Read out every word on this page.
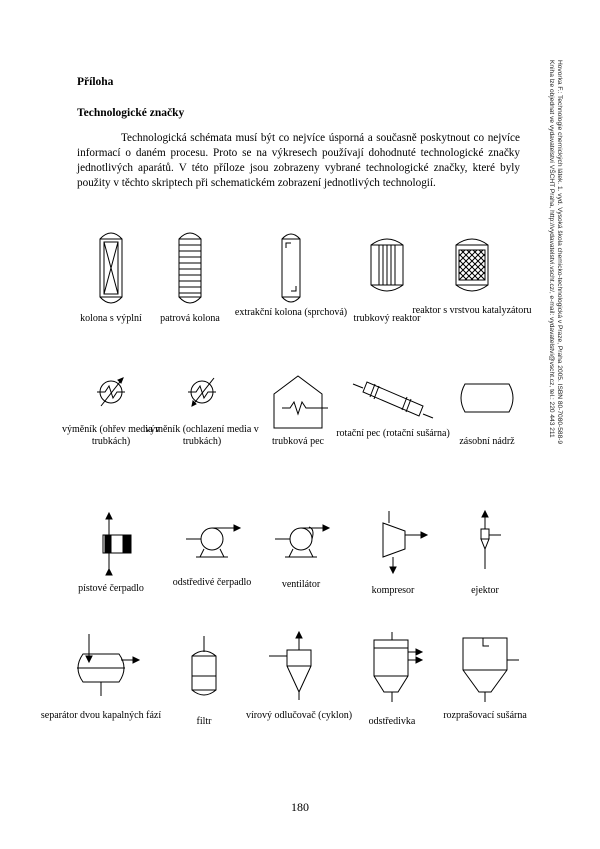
Příloha
Technologické značky
Technologická schémata musí být co nejvíce úsporná a současně poskytnout co nejvíce informací o daném procesu. Proto se na výkresech používají dohodnuté technologické značky jednotlivých aparátů. V této příloze jsou zobrazeny vybrané technologické značky, které byly použity v těchto skriptech při schematickém zobrazení jednotlivých technologií.	Hovorka F.: Technologie chemických látek. 1. vyd. Vysoká škola chemicko-technologická v Praze, Praha 2005. ISBN 80-7080-588-9
Kniha lze objednat ve vydavatelství VŠCHT Praha, http://vydavatelstvi.vscht.cz/, e-mail: vydavatelstvi@vscht.cz, tel.: 220 443 211
kolona s výplní	patrová kolona
extrakční kolona (sprchová)
trubkový reaktor
reaktor s vrstvou katalyzátoru
výměník (ohřev media v trubkách)
výměník (ochlazení media v trubkách)	trubková pec
rotační pec (rotační sušárna)
zásobní nádrž
pístové čerpadlo
odstředivé čerpadlo	ventilátor
kompresor	ejektor
separátor dvou kapalných fází
filtr
vírový odlučovač (cyklon)
odstředivka
rozprašovací sušárna
180
